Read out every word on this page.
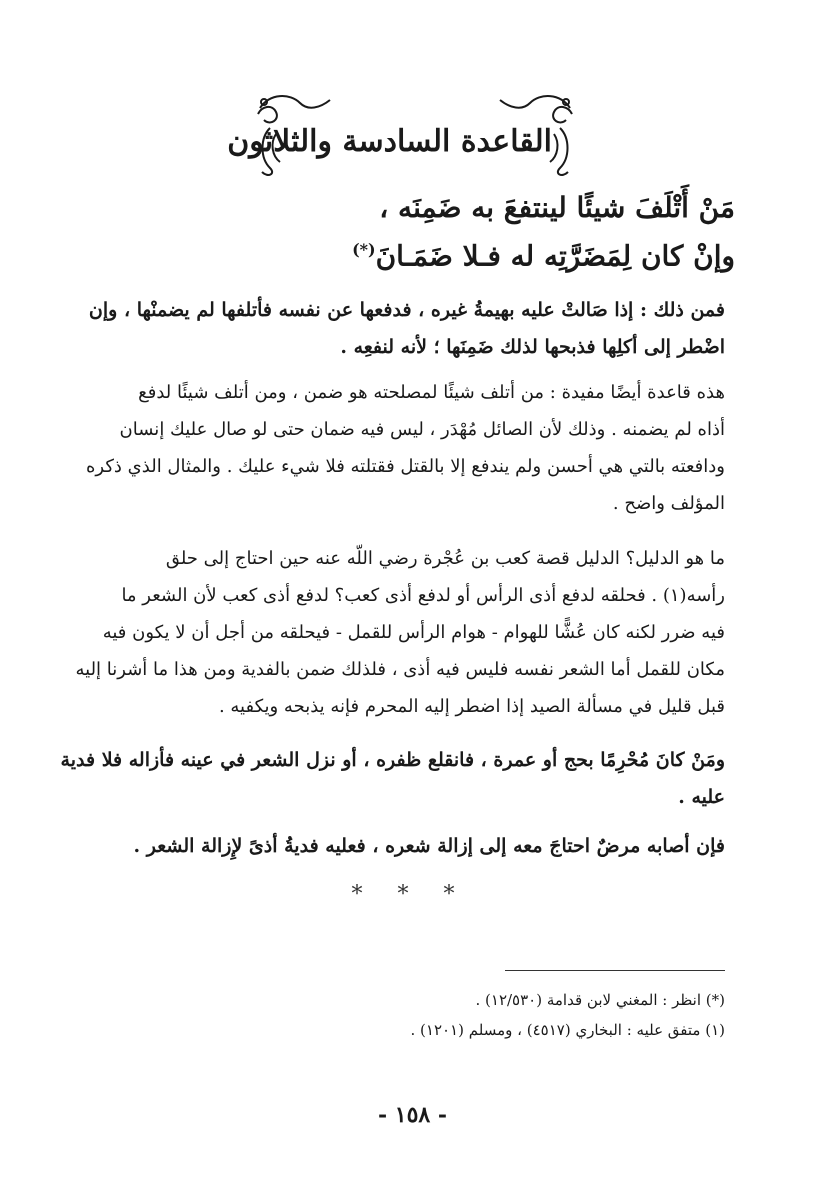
القاعدة السادسة والثلاثون
مَنْ أَتْلَفَ شيئًا لينتفعَ به ضَمِنَه ،
وإنْ كان لِمَضَرَّتِه له فـلا ضَمَـانَ(*)
فمن ذلك : إذا صَالتْ عليه بهيمةُ غيره ، فدفعها عن نفسه فأتلفها لم يضمنْها ، وإن
اضْطر إلى أكلِها فذبحها لذلك ضَمِنَها ؛ لأنه لنفعِه .
هذه قاعدة أيضًا مفيدة : من أتلف شيئًا لمصلحته هو ضمن ، ومن أتلف شيئًا لدفع
أذاه لم يضمنه . وذلك لأن الصائل مُهْدَر ، ليس فيه ضمان حتى لو صال عليك إنسان
ودافعته بالتي هي أحسن ولم يندفع إلا بالقتل فقتلته فلا شيء عليك . والمثال الذي ذكره
المؤلف واضح .
ما هو الدليل؟ الدليل قصة كعب بن عُجْرة رضي اللّه عنه حين احتاج إلى حلق
رأسه(١) . فحلقه لدفع أذى الرأس أو لدفع أذى كعب؟ لدفع أذى كعب لأن الشعر ما
فيه ضرر لكنه كان عُشًّا للهوام - هوام الرأس للقمل - فيحلقه من أجل أن لا يكون فيه
مكان للقمل أما الشعر نفسه فليس فيه أذى ، فلذلك ضمن بالفدية ومن هذا ما أشرنا إليه
قبل قليل في مسألة الصيد إذا اضطر إليه المحرم فإنه يذبحه ويكفيه .
ومَنْ كانَ مُحْرِمًا بحج أو عمرة ، فانقلع ظفره ، أو نزل الشعر في عينه فأزاله فلا فدية
عليه .
فإن أصابه مرضٌ احتاجَ معه إلى إزالة شعره ، فعليه فديةُ أذىً لإِزالة الشعر .
* * *
(*) انظر : المغني لابن قدامة (١٢/٥٣٠) .
(١) متفق عليه : البخاري (٤٥١٧) ، ومسلم (١٢٠١) .
- ١٥٨ -
